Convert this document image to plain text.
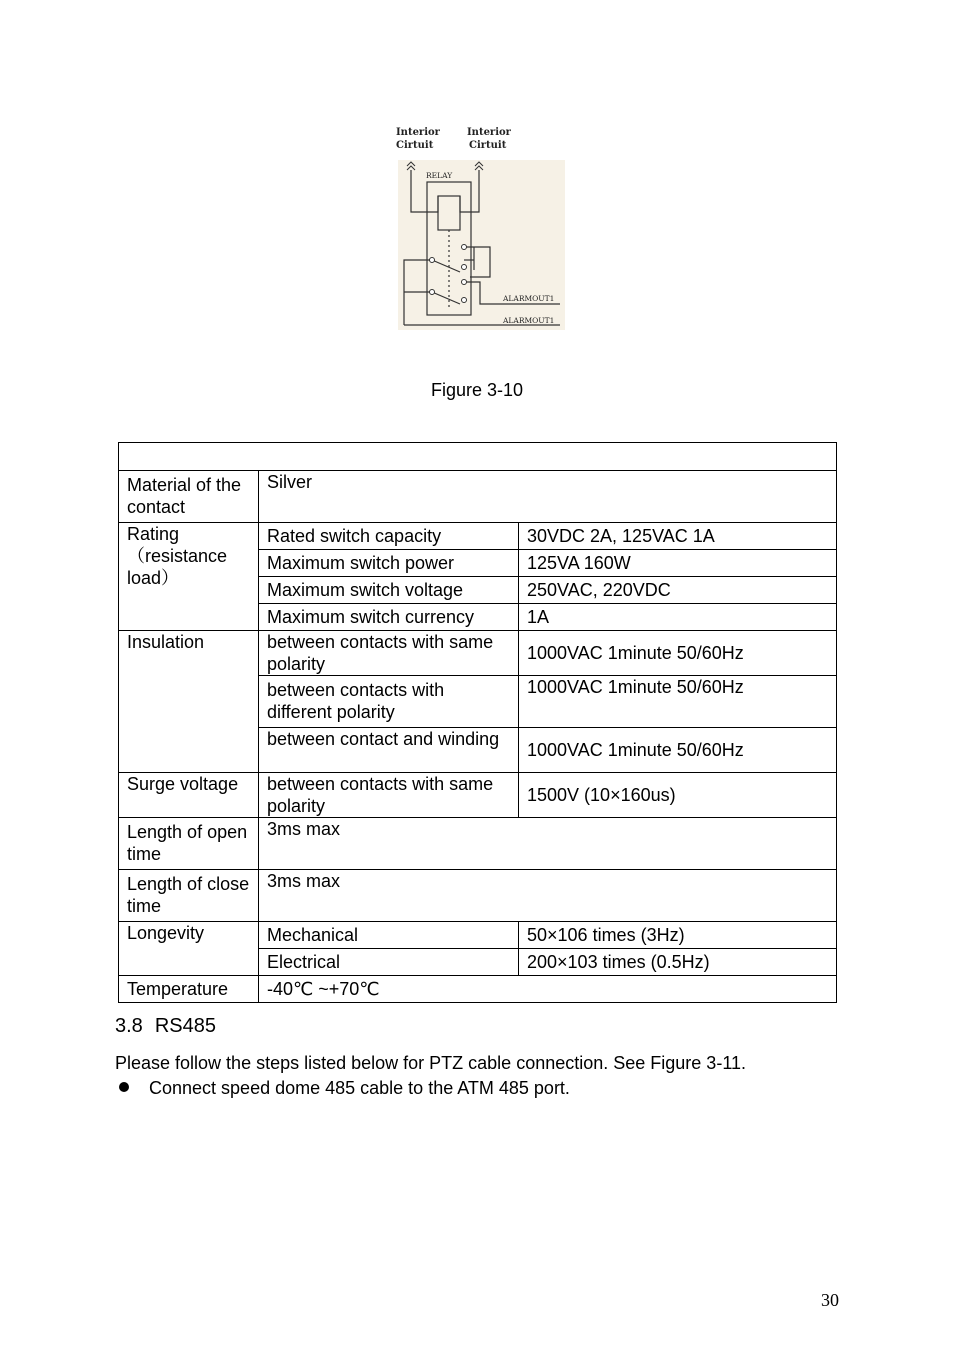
Interior
Cirtuit
Interior
Cirtuit
RELAY
ALARMOUT1
ALARMOUT1
Figure 3-10

Material of the contact	Silver	
Rating （resistance load）	Rated switch capacity	30VDC 2A, 125VAC 1A
	Maximum switch power	125VA 160W
	Maximum switch voltage	250VAC, 220VDC
	Maximum switch currency	1A
Insulation	between contacts with same polarity	1000VAC 1minute 50/60Hz
	between contacts with different polarity	1000VAC 1minute 50/60Hz
	between contact and winding	1000VAC 1minute 50/60Hz
Surge voltage	between contacts with same polarity	1500V (10×160us)
Length of open time	3ms max	
Length of close time	3ms max	
Longevity	Mechanical	50×106 times (3Hz)
	Electrical	200×103 times (0.5Hz)
Temperature	-40℃ ~+70℃	
3.8 RS485
Please follow the steps listed below for PTZ cable connection. See Figure 3-11.
Connect speed dome 485 cable to the ATM 485 port.
30
